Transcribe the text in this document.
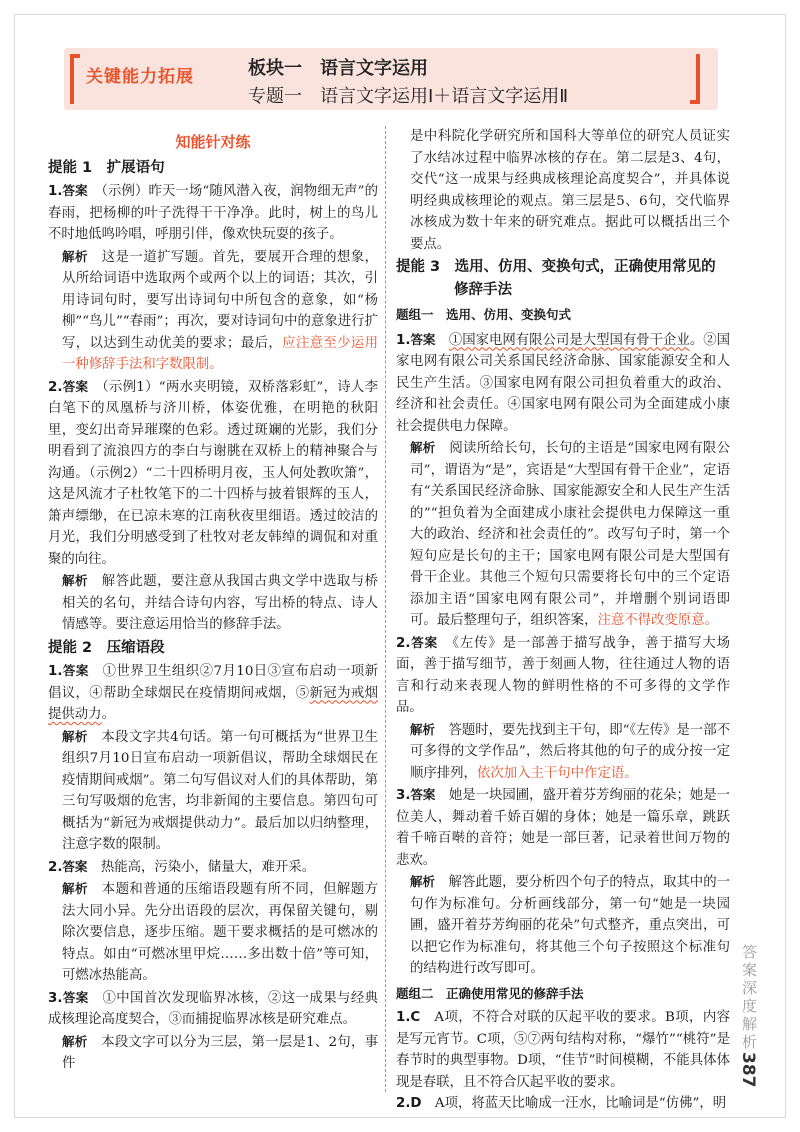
关键能力拓展	板块一　语言文字运用
专题一　语言文字运用Ⅰ＋语言文字运用Ⅱ
知能针对练
提能 1　 扩展语句

1.答案　 （示例）昨天一场“随风潜入夜，润物细无声”的春雨，把杨柳的叶子洗得干干净净。此时，树上的鸟儿不时地低鸣吟唱，呼朋引伴，像欢快玩耍的孩子。

解析　 这是一道扩写题。首先，要展开合理的想象，从所给词语中选取两个或两个以上的词语；其次，引用诗词句时，要写出诗词句中所包含的意象，如“杨柳”“鸟儿”“春雨”；再次，要对诗词句中的意象进行扩写，以达到生动优美的要求；最后，应注意至少运用一种修辞手法和字数限制。

2.答案　 （示例1）“两水夹明镜，双桥落彩虹”，诗人李白笔下的凤凰桥与济川桥，体姿优雅，在明艳的秋阳里，变幻出奇异璀璨的色彩。透过斑斓的光影，我们分明看到了流浪四方的李白与谢朓在双桥上的精神聚合与沟通。（示例2）“二十四桥明月夜，玉人何处教吹箫”，这是风流才子杜牧笔下的二十四桥与披着银辉的玉人，箫声缥缈，在已凉未寒的江南秋夜里细语。透过皎洁的月光，我们分明感受到了杜牧对老友韩绰的调侃和对重聚的向往。

解析　 解答此题，要注意从我国古典文学中选取与桥相关的名句，并结合诗句内容，写出桥的特点、诗人情感等。要注意运用恰当的修辞手法。

提能 2　 压缩语段

1.答案　 ①世界卫生组织②7月10日③宣布启动一项新倡议，④帮助全球烟民在疫情期间戒烟，⑤新冠为戒烟提供动力。

解析　 本段文字共4句话。第一句可概括为“世界卫生组织7月10日宣布启动一项新倡议，帮助全球烟民在疫情期间戒烟”。第二句写倡议对人们的具体帮助，第三句写吸烟的危害，均非新闻的主要信息。第四句可概括为“新冠为戒烟提供动力”。最后加以归纳整理，注意字数的限制。

2.答案　 热能高，污染小，储量大，难开采。

解析　 本题和普通的压缩语段题有所不同，但解题方法大同小异。先分出语段的层次，再保留关键句，剔除次要信息，逐步压缩。题干要求概括的是可燃冰的特点。如由“可燃冰里甲烷……多出数十倍”等可知，可燃冰热能高。

3.答案　 ①中国首次发现临界冰核，②这一成果与经典成核理论高度契合，③而捕捉临界冰核是研究难点。

解析　 本段文字可以分为三层，第一层是1、2句，事件

是中科院化学研究所和国科大等单位的研究人员证实了水结冰过程中临界冰核的存在。第二层是3、4句，交代“这一成果与经典成核理论高度契合”，并具体说明经典成核理论的观点。第三层是5、6句，交代临界冰核成为数十年来的研究难点。据此可以概括出三个要点。

提能 3　 选用、仿用、变换句式，正确使用常见的
修辞手法
题组一　选用、仿用、变换句式

1.答案　 ①国家电网有限公司是大型国有骨干企业。②国家电网有限公司关系国民经济命脉、国家能源安全和人民生产生活。③国家电网有限公司担负着重大的政治、经济和社会责任。④国家电网有限公司为全面建成小康社会提供电力保障。

解析　 阅读所给长句，长句的主语是“国家电网有限公司”，谓语为“是”，宾语是“大型国有骨干企业”，定语有“关系国民经济命脉、国家能源安全和人民生产生活的”“担负着为全面建成小康社会提供电力保障这一重大的政治、经济和社会责任的”。改写句子时，第一个短句应是长句的主干；国家电网有限公司是大型国有骨干企业。其他三个短句只需要将长句中的三个定语添加主语“国家电网有限公司”，并增删个别词语即可。最后整理句子，组织答案，注意不得改变原意。

2.答案　 《左传》是一部善于描写战争，善于描写大场面，善于描写细节，善于刻画人物，往往通过人物的语言和行动来表现人物的鲜明性格的不可多得的文学作品。

解析　 答题时，要先找到主干句，即“《左传》是一部不可多得的文学作品”，然后将其他的句子的成分按一定顺序排列，依次加入主干句中作定语。

3.答案　 她是一块园圃，盛开着芬芳绚丽的花朵；她是一位美人，舞动着千娇百媚的身体；她是一篇乐章，跳跃着千啼百啭的音符；她是一部巨著，记录着世间万物的悲欢。

解析　 解答此题，要分析四个句子的特点，取其中的一句作为标准句。分析画线部分，第一句“她是一块园圃，盛开着芬芳绚丽的花朵”句式整齐，重点突出，可以把它作为标准句，将其他三个句子按照这个标准句的结构进行改写即可。

题组二　正确使用常见的修辞手法

1.C　 A项，不符合对联的仄起平收的要求。B项，内容是写元宵节。C项，⑤⑦两句结构对称，“爆竹”“桃符”是春节时的典型事物。D项，“佳节”时间模糊，不能具体体现是春联，且不符合仄起平收的要求。

2.D　 A项，将蓝天比喻成一汪水，比喻词是“仿佛”，明

答案深度解析
387
